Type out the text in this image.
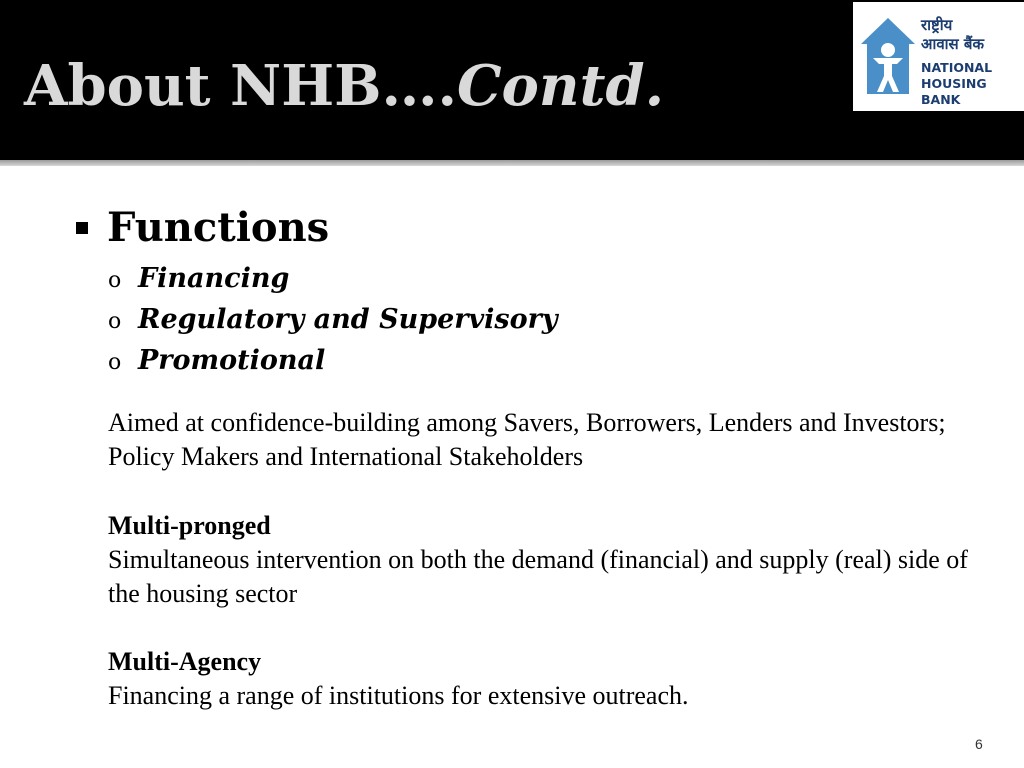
About NHB….Contd.
राष्ट्रीय
आवास बैंक
NATIONAL
HOUSING BANK
Functions
o Financing
o Regulatory and Supervisory
o Promotional

Aimed at confidence-building among Savers, Borrowers, Lenders and Investors; Policy Makers and International Stakeholders

Multi-pronged
Simultaneous intervention on both the demand (financial) and supply (real) side of the housing sector

Multi-Agency
Financing a range of institutions for extensive outreach.

6
